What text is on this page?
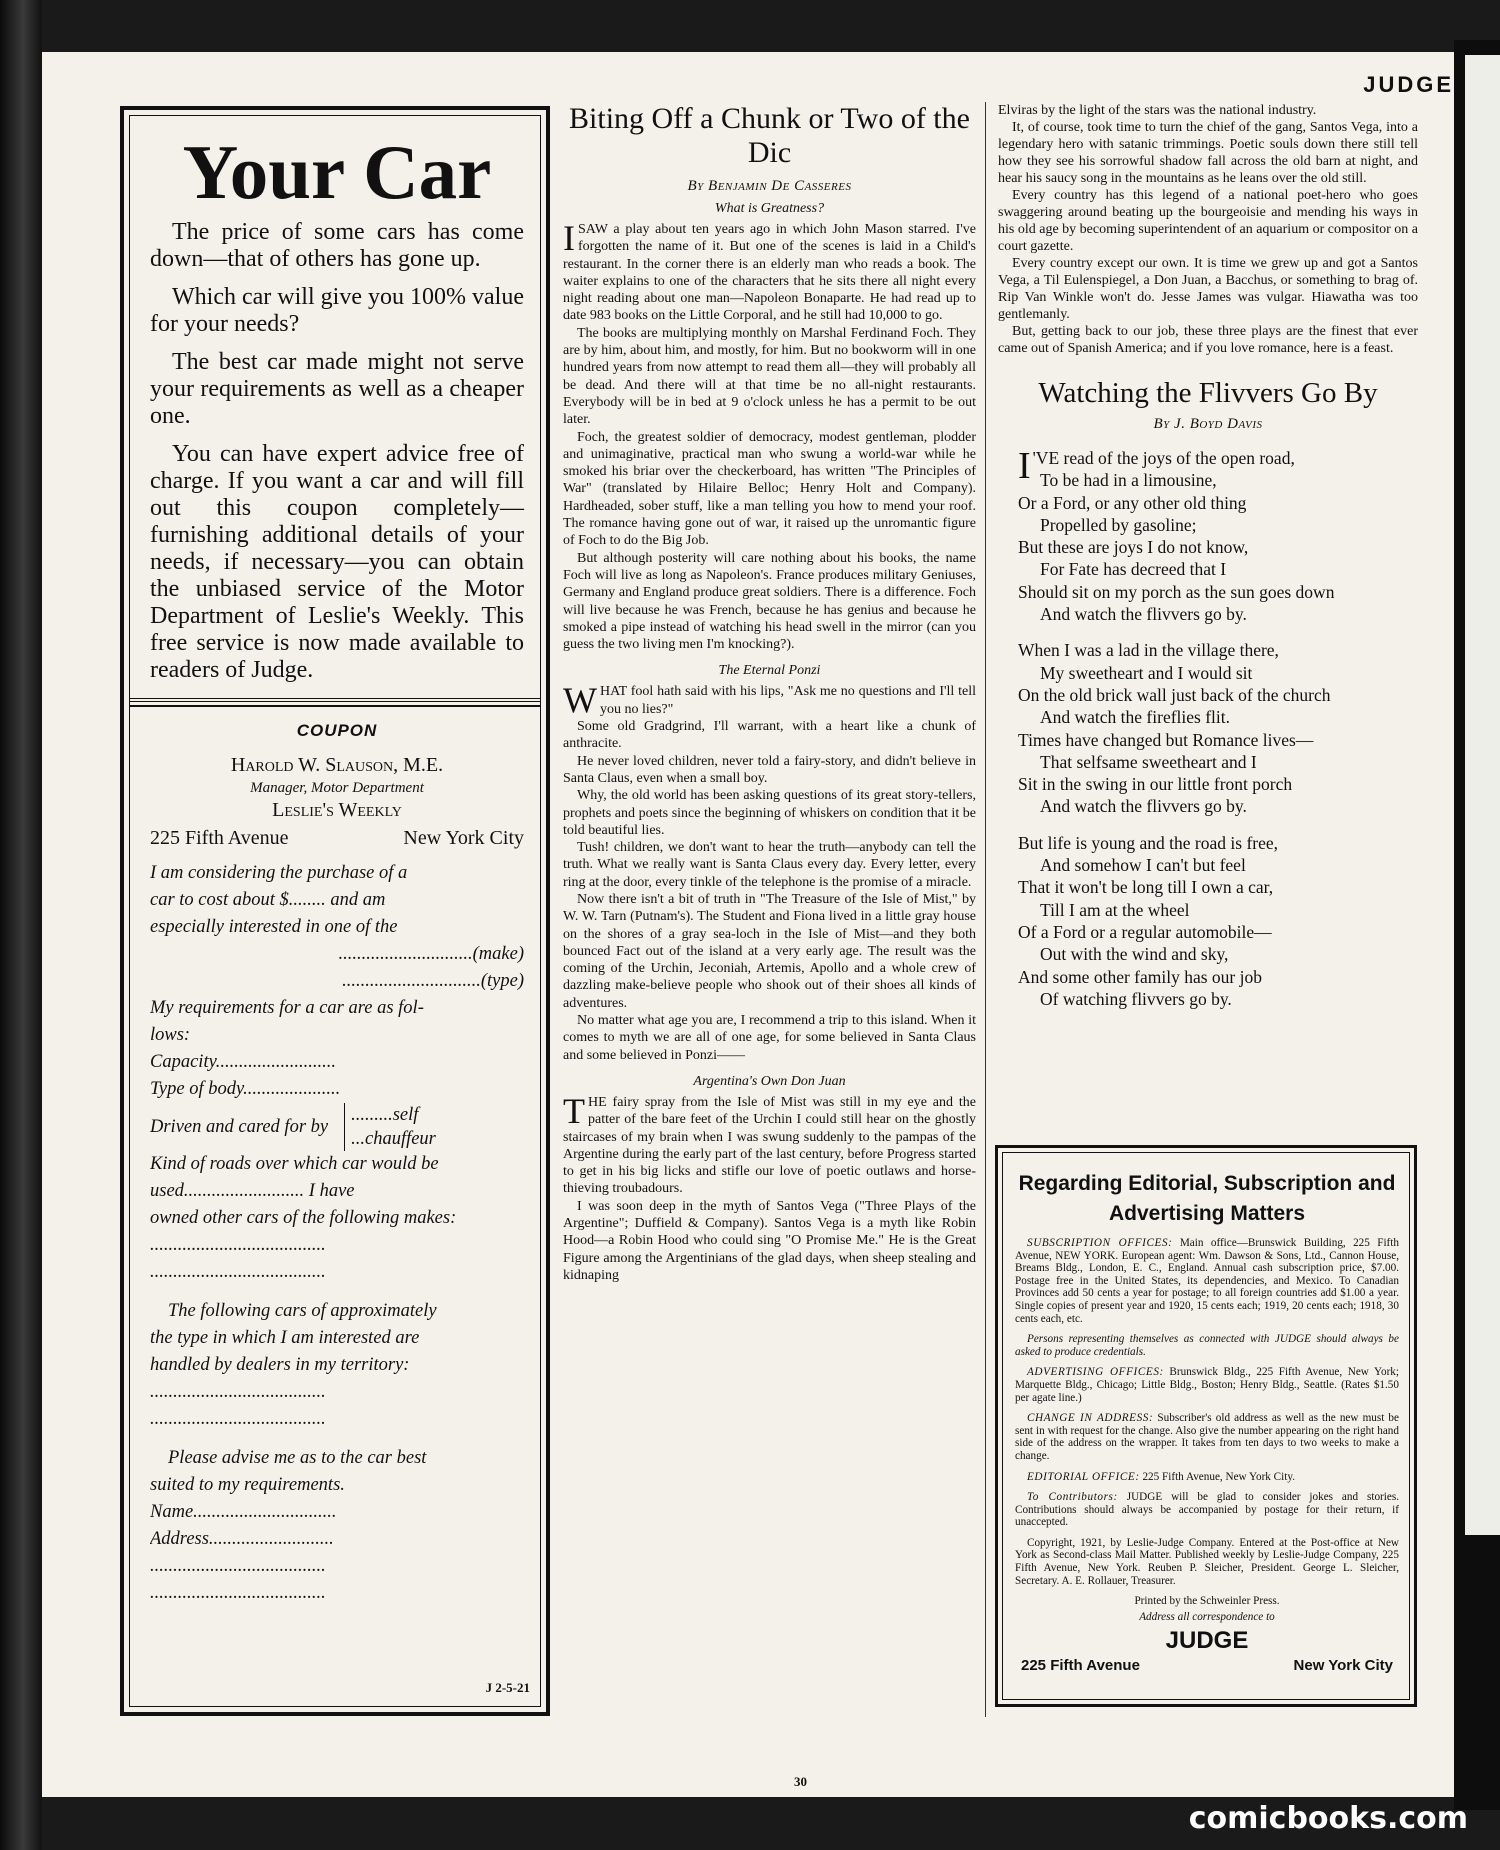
JUDGE
30
Your Car

The price of some cars has come down—that of others has gone up.

Which car will give you 100% value for your needs?

The best car made might not serve your requirements as well as a cheaper one.

You can have expert advice free of charge. If you want a car and will fill out this coupon completely—furnishing additional details of your needs, if necessary—you can obtain the unbiased service of the Motor Department of Leslie's Weekly. This free service is now made available to readers of Judge.

COUPON
Harold W. Slauson, M.E.
Manager, Motor Department
Leslie's Weekly
225 Fifth Avenue	New York City
I am considering the purchase of a
car to cost about $........ and am
especially interested in one of the
.............................(make)
..............................(type)
My requirements for a car are as fol-
lows:
Capacity..........................
Type of body.....................
Driven and cared for by
.........self
...chauffeur
Kind of roads over which car would be
used.......................... I have
owned other cars of the following makes:
......................................
......................................
The following cars of approximately
the type in which I am interested are
handled by dealers in my territory:
......................................
......................................
Please advise me as to the car best
suited to my requirements.
Name...............................
Address...........................
......................................
......................................
J 2-5-21
Biting Off a Chunk or Two of the Dic
By Benjamin De Casseres
What is Greatness?

ISAW a play about ten years ago in which John Mason starred. I've forgotten the name of it. But one of the scenes is laid in a Child's restaurant. In the corner there is an elderly man who reads a book. The waiter explains to one of the characters that he sits there all night every night reading about one man—Napoleon Bonaparte. He had read up to date 983 books on the Little Corporal, and he still had 10,000 to go.

The books are multiplying monthly on Marshal Ferdinand Foch. They are by him, about him, and mostly, for him. But no bookworm will in one hundred years from now attempt to read them all—they will probably all be dead. And there will at that time be no all-night restaurants. Everybody will be in bed at 9 o'clock unless he has a permit to be out later.

Foch, the greatest soldier of democracy, modest gentleman, plodder and unimaginative, practical man who swung a world-war while he smoked his briar over the checkerboard, has written "The Principles of War" (translated by Hilaire Belloc; Henry Holt and Company). Hardheaded, sober stuff, like a man telling you how to mend your roof. The romance having gone out of war, it raised up the unromantic figure of Foch to do the Big Job.

But although posterity will care nothing about his books, the name Foch will live as long as Napoleon's. France produces military Geniuses, Germany and England produce great soldiers. There is a difference. Foch will live because he was French, because he has genius and because he smoked a pipe instead of watching his head swell in the mirror (can you guess the two living men I'm knocking?).

The Eternal Ponzi

WHAT fool hath said with his lips, "Ask me no questions and I'll tell you no lies?"

Some old Gradgrind, I'll warrant, with a heart like a chunk of anthracite.

He never loved children, never told a fairy-story, and didn't believe in Santa Claus, even when a small boy.

Why, the old world has been asking questions of its great story-tellers, prophets and poets since the beginning of whiskers on condition that it be told beautiful lies.

Tush! children, we don't want to hear the truth—anybody can tell the truth. What we really want is Santa Claus every day. Every letter, every ring at the door, every tinkle of the telephone is the promise of a miracle.

Now there isn't a bit of truth in "The Treasure of the Isle of Mist," by W. W. Tarn (Putnam's). The Student and Fiona lived in a little gray house on the shores of a gray sea-loch in the Isle of Mist—and they both bounced Fact out of the island at a very early age. The result was the coming of the Urchin, Jeconiah, Artemis, Apollo and a whole crew of dazzling make-believe people who shook out of their shoes all kinds of adventures.

No matter what age you are, I recommend a trip to this island. When it comes to myth we are all of one age, for some believed in Santa Claus and some believed in Ponzi——

Argentina's Own Don Juan

THE fairy spray from the Isle of Mist was still in my eye and the patter of the bare feet of the Urchin I could still hear on the ghostly staircases of my brain when I was swung suddenly to the pampas of the Argentine during the early part of the last century, before Progress started to get in his big licks and stifle our love of poetic outlaws and horse-thieving troubadours.

I was soon deep in the myth of Santos Vega ("Three Plays of the Argentine"; Duffield & Company). Santos Vega is a myth like Robin Hood—a Robin Hood who could sing "O Promise Me." He is the Great Figure among the Argentinians of the glad days, when sheep stealing and kidnaping

Elviras by the light of the stars was the national industry.

It, of course, took time to turn the chief of the gang, Santos Vega, into a legendary hero with satanic trimmings. Poetic souls down there still tell how they see his sorrowful shadow fall across the old barn at night, and hear his saucy song in the mountains as he leans over the old still.

Every country has this legend of a national poet-hero who goes swaggering around beating up the bourgeoisie and mending his ways in his old age by becoming superintendent of an aquarium or compositor on a court gazette.

Every country except our own. It is time we grew up and got a Santos Vega, a Til Eulenspiegel, a Don Juan, a Bacchus, or something to brag of. Rip Van Winkle won't do. Jesse James was vulgar. Hiawatha was too gentlemanly.

But, getting back to our job, these three plays are the finest that ever came out of Spanish America; and if you love romance, here is a feast.

Watching the Flivvers Go By
By J. Boyd Davis
I 'VE read of the joys of the open road,
To be had in a limousine,
Or a Ford, or any other old thing
Propelled by gasoline;
But these are joys I do not know,
For Fate has decreed that I
Should sit on my porch as the sun goes down
And watch the flivvers go by.
When I was a lad in the village there,
My sweetheart and I would sit
On the old brick wall just back of the church
And watch the fireflies flit.
Times have changed but Romance lives—
That selfsame sweetheart and I
Sit in the swing in our little front porch
And watch the flivvers go by.
But life is young and the road is free,
And somehow I can't but feel
That it won't be long till I own a car,
Till I am at the wheel
Of a Ford or a regular automobile—
Out with the wind and sky,
And some other family has our job
Of watching flivvers go by.
Regarding Editorial, Subscription and Advertising Matters

SUBSCRIPTION OFFICES: Main office—Brunswick Building, 225 Fifth Avenue, NEW YORK. European agent: Wm. Dawson & Sons, Ltd., Cannon House, Breams Bldg., London, E. C., England. Annual cash subscription price, $7.00. Postage free in the United States, its dependencies, and Mexico. To Canadian Provinces add 50 cents a year for postage; to all foreign countries add $1.00 a year. Single copies of present year and 1920, 15 cents each; 1919, 20 cents each; 1918, 30 cents each, etc.

Persons representing themselves as connected with JUDGE should always be asked to produce credentials.

ADVERTISING OFFICES: Brunswick Bldg., 225 Fifth Avenue, New York; Marquette Bldg., Chicago; Little Bldg., Boston; Henry Bldg., Seattle. (Rates $1.50 per agate line.)

CHANGE IN ADDRESS: Subscriber's old address as well as the new must be sent in with request for the change. Also give the number appearing on the right hand side of the address on the wrapper. It takes from ten days to two weeks to make a change.

EDITORIAL OFFICE: 225 Fifth Avenue, New York City.

To Contributors: JUDGE will be glad to consider jokes and stories. Contributions should always be accompanied by postage for their return, if unaccepted.

Copyright, 1921, by Leslie-Judge Company. Entered at the Post-office at New York as Second-class Mail Matter. Published weekly by Leslie-Judge Company, 225 Fifth Avenue, New York. Reuben P. Sleicher, President. George L. Sleicher, Secretary. A. E. Rollauer, Treasurer.

Printed by the Schweinler Press.
Address all correspondence to
JUDGE
225 Fifth Avenue	New York City
comicbooks.com
